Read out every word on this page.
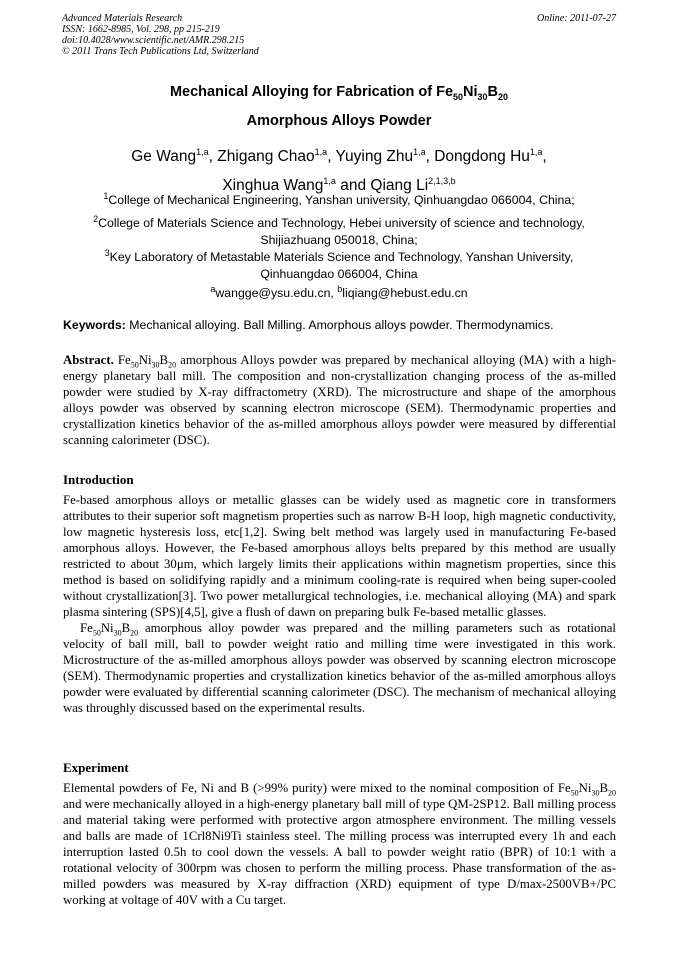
Advanced Materials Research
ISSN: 1662-8985, Vol. 298, pp 215-219
doi:10.4028/www.scientific.net/AMR.298.215
© 2011 Trans Tech Publications Ltd, Switzerland
Online: 2011-07-27
Mechanical Alloying for Fabrication of $Fe_{50}Ni_{30}B_{20}$
Amorphous Alloys Powder
Ge Wang$^{1,a}$, Zhigang Chao$^{1,a}$, Yuying Zhu$^{1,a}$, Dongdong Hu$^{1,a}$,
Xinghua Wang$^{1,a}$ and Qiang Li$^{2,1,3,b}$
$^1$College of Mechanical Engineering, Yanshan university, Qinhuangdao 066004, China;
$^2$College of Materials Science and Technology, Hebei university of science and technology,
Shijiazhuang 050018, China;
$^3$Key Laboratory of Metastable Materials Science and Technology, Yanshan University,
Qinhuangdao 066004, China
$^a$wangge@ysu.edu.cn, $^b$liqiang@hebust.edu.cn
Keywords: Mechanical alloying. Ball Milling. Amorphous alloys powder. Thermodynamics.

Abstract. $Fe_{50}Ni_{30}B_{20}$ amorphous Alloys powder was prepared by mechanical alloying (MA) with a high-energy planetary ball mill. The composition and non-crystallization changing process of the as-milled powder were studied by X-ray diffractometry (XRD). The microstructure and shape of the amorphous alloys powder was observed by scanning electron microscope (SEM). Thermodynamic properties and crystallization kinetics behavior of the as-milled amorphous alloys powder were measured by differential scanning calorimeter (DSC).

Introduction

Fe-based amorphous alloys or metallic glasses can be widely used as magnetic core in transformers attributes to their superior soft magnetism properties such as narrow B-H loop, high magnetic conductivity, low magnetic hysteresis loss, etc[1,2]. Swing belt method was largely used in manufacturing Fe-based amorphous alloys. However, the Fe-based amorphous alloys belts prepared by this method are usually restricted to about 30μm, which largely limits their applications within magnetism properties, since this method is based on solidifying rapidly and a minimum cooling-rate is required when being super-cooled without crystallization[3]. Two power metallurgical technologies, i.e. mechanical alloying (MA) and spark plasma sintering (SPS)[4,5], give a flush of dawn on preparing bulk Fe-based metallic glasses.

$Fe_{50}Ni_{30}B_{20}$ amorphous alloy powder was prepared and the milling parameters such as rotational velocity of ball mill, ball to powder weight ratio and milling time were investigated in this work. Microstructure of the as-milled amorphous alloys powder was observed by scanning electron microscope (SEM). Thermodynamic properties and crystallization kinetics behavior of the as-milled amorphous alloys powder were evaluated by differential scanning calorimeter (DSC). The mechanism of mechanical alloying was throughly discussed based on the experimental results.

Experiment

Elemental powders of Fe, Ni and B (>99% purity) were mixed to the nominal composition of $Fe_{50}Ni_{30}B_{20}$ and were mechanically alloyed in a high-energy planetary ball mill of type QM-2SP12. Ball milling process and material taking were performed with protective argon atmosphere environment. The milling vessels and balls are made of 1Crl8Ni9Ti stainless steel. The milling process was interrupted every 1h and each interruption lasted 0.5h to cool down the vessels. A ball to powder weight ratio (BPR) of 10:1 with a rotational velocity of 300rpm was chosen to perform the milling process. Phase transformation of the as-milled powders was measured by X-ray diffraction (XRD) equipment of type D/max-2500VB+/PC working at voltage of 40V with a Cu target.
